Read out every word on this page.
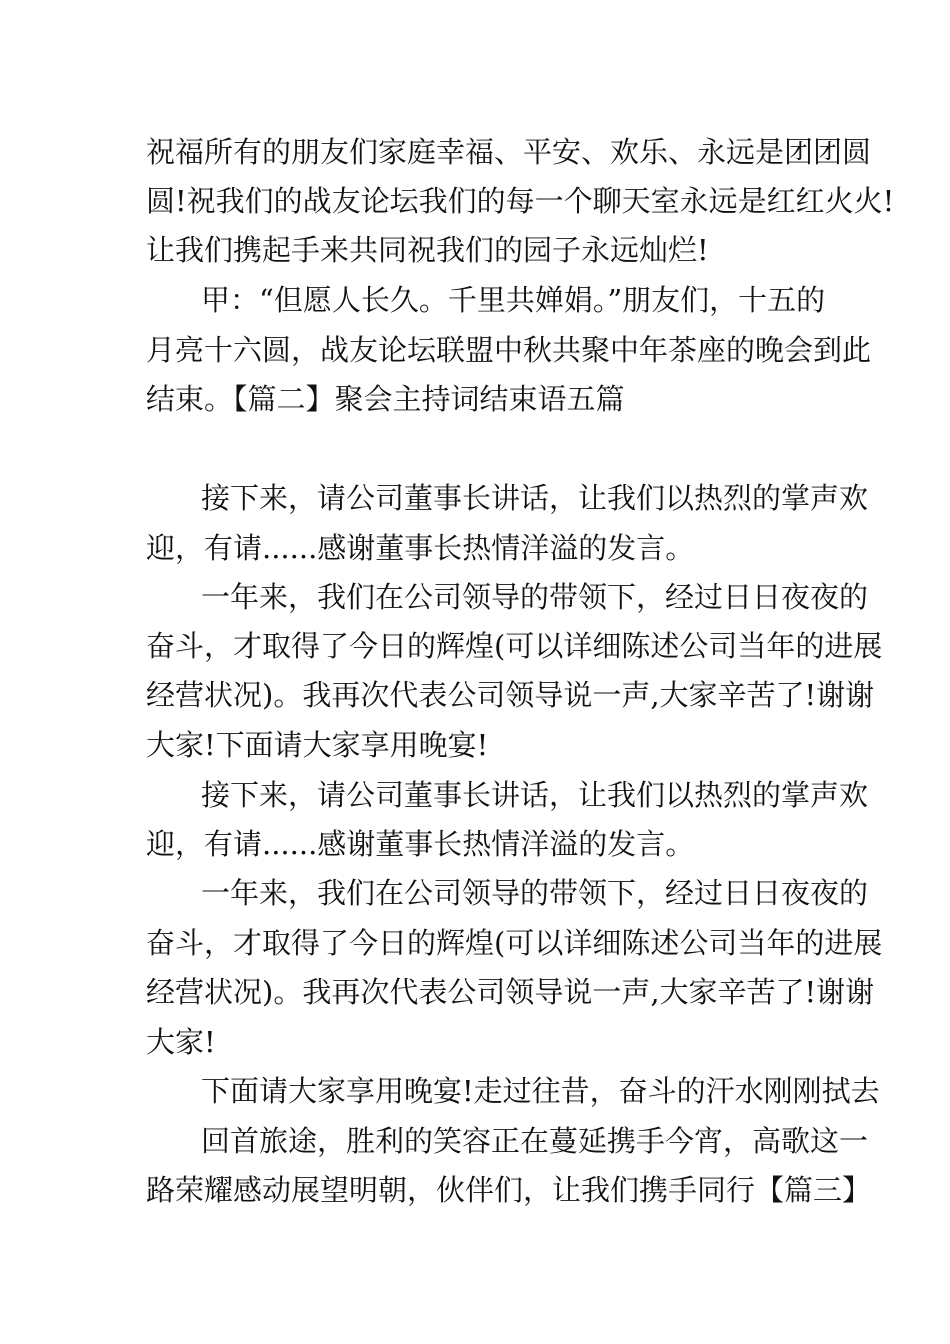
祝福所有的朋友们家庭幸福、平安、欢乐、永远是团团圆
圆!祝我们的战友论坛我们的每一个聊天室永远是红红火火!
让我们携起手来共同祝我们的园子永远灿烂!
甲：“但愿人长久。千里共婵娟。”朋友们，十五的
月亮十六圆，战友论坛联盟中秋共聚中年茶座的晚会到此
结束。【篇二】聚会主持词结束语五篇
接下来，请公司董事长讲话，让我们以热烈的掌声欢
迎，有请......感谢董事长热情洋溢的发言。
一年来，我们在公司领导的带领下，经过日日夜夜的
奋斗，才取得了今日的辉煌(可以详细陈述公司当年的进展
经营状况)。我再次代表公司领导说一声,大家辛苦了!谢谢
大家!下面请大家享用晚宴!
接下来，请公司董事长讲话，让我们以热烈的掌声欢
迎，有请......感谢董事长热情洋溢的发言。
一年来，我们在公司领导的带领下，经过日日夜夜的
奋斗，才取得了今日的辉煌(可以详细陈述公司当年的进展
经营状况)。我再次代表公司领导说一声,大家辛苦了!谢谢
大家!
下面请大家享用晚宴!走过往昔，奋斗的汗水刚刚拭去
回首旅途，胜利的笑容正在蔓延携手今宵，高歌这一
路荣耀感动展望明朝，伙伴们，让我们携手同行【篇三】
